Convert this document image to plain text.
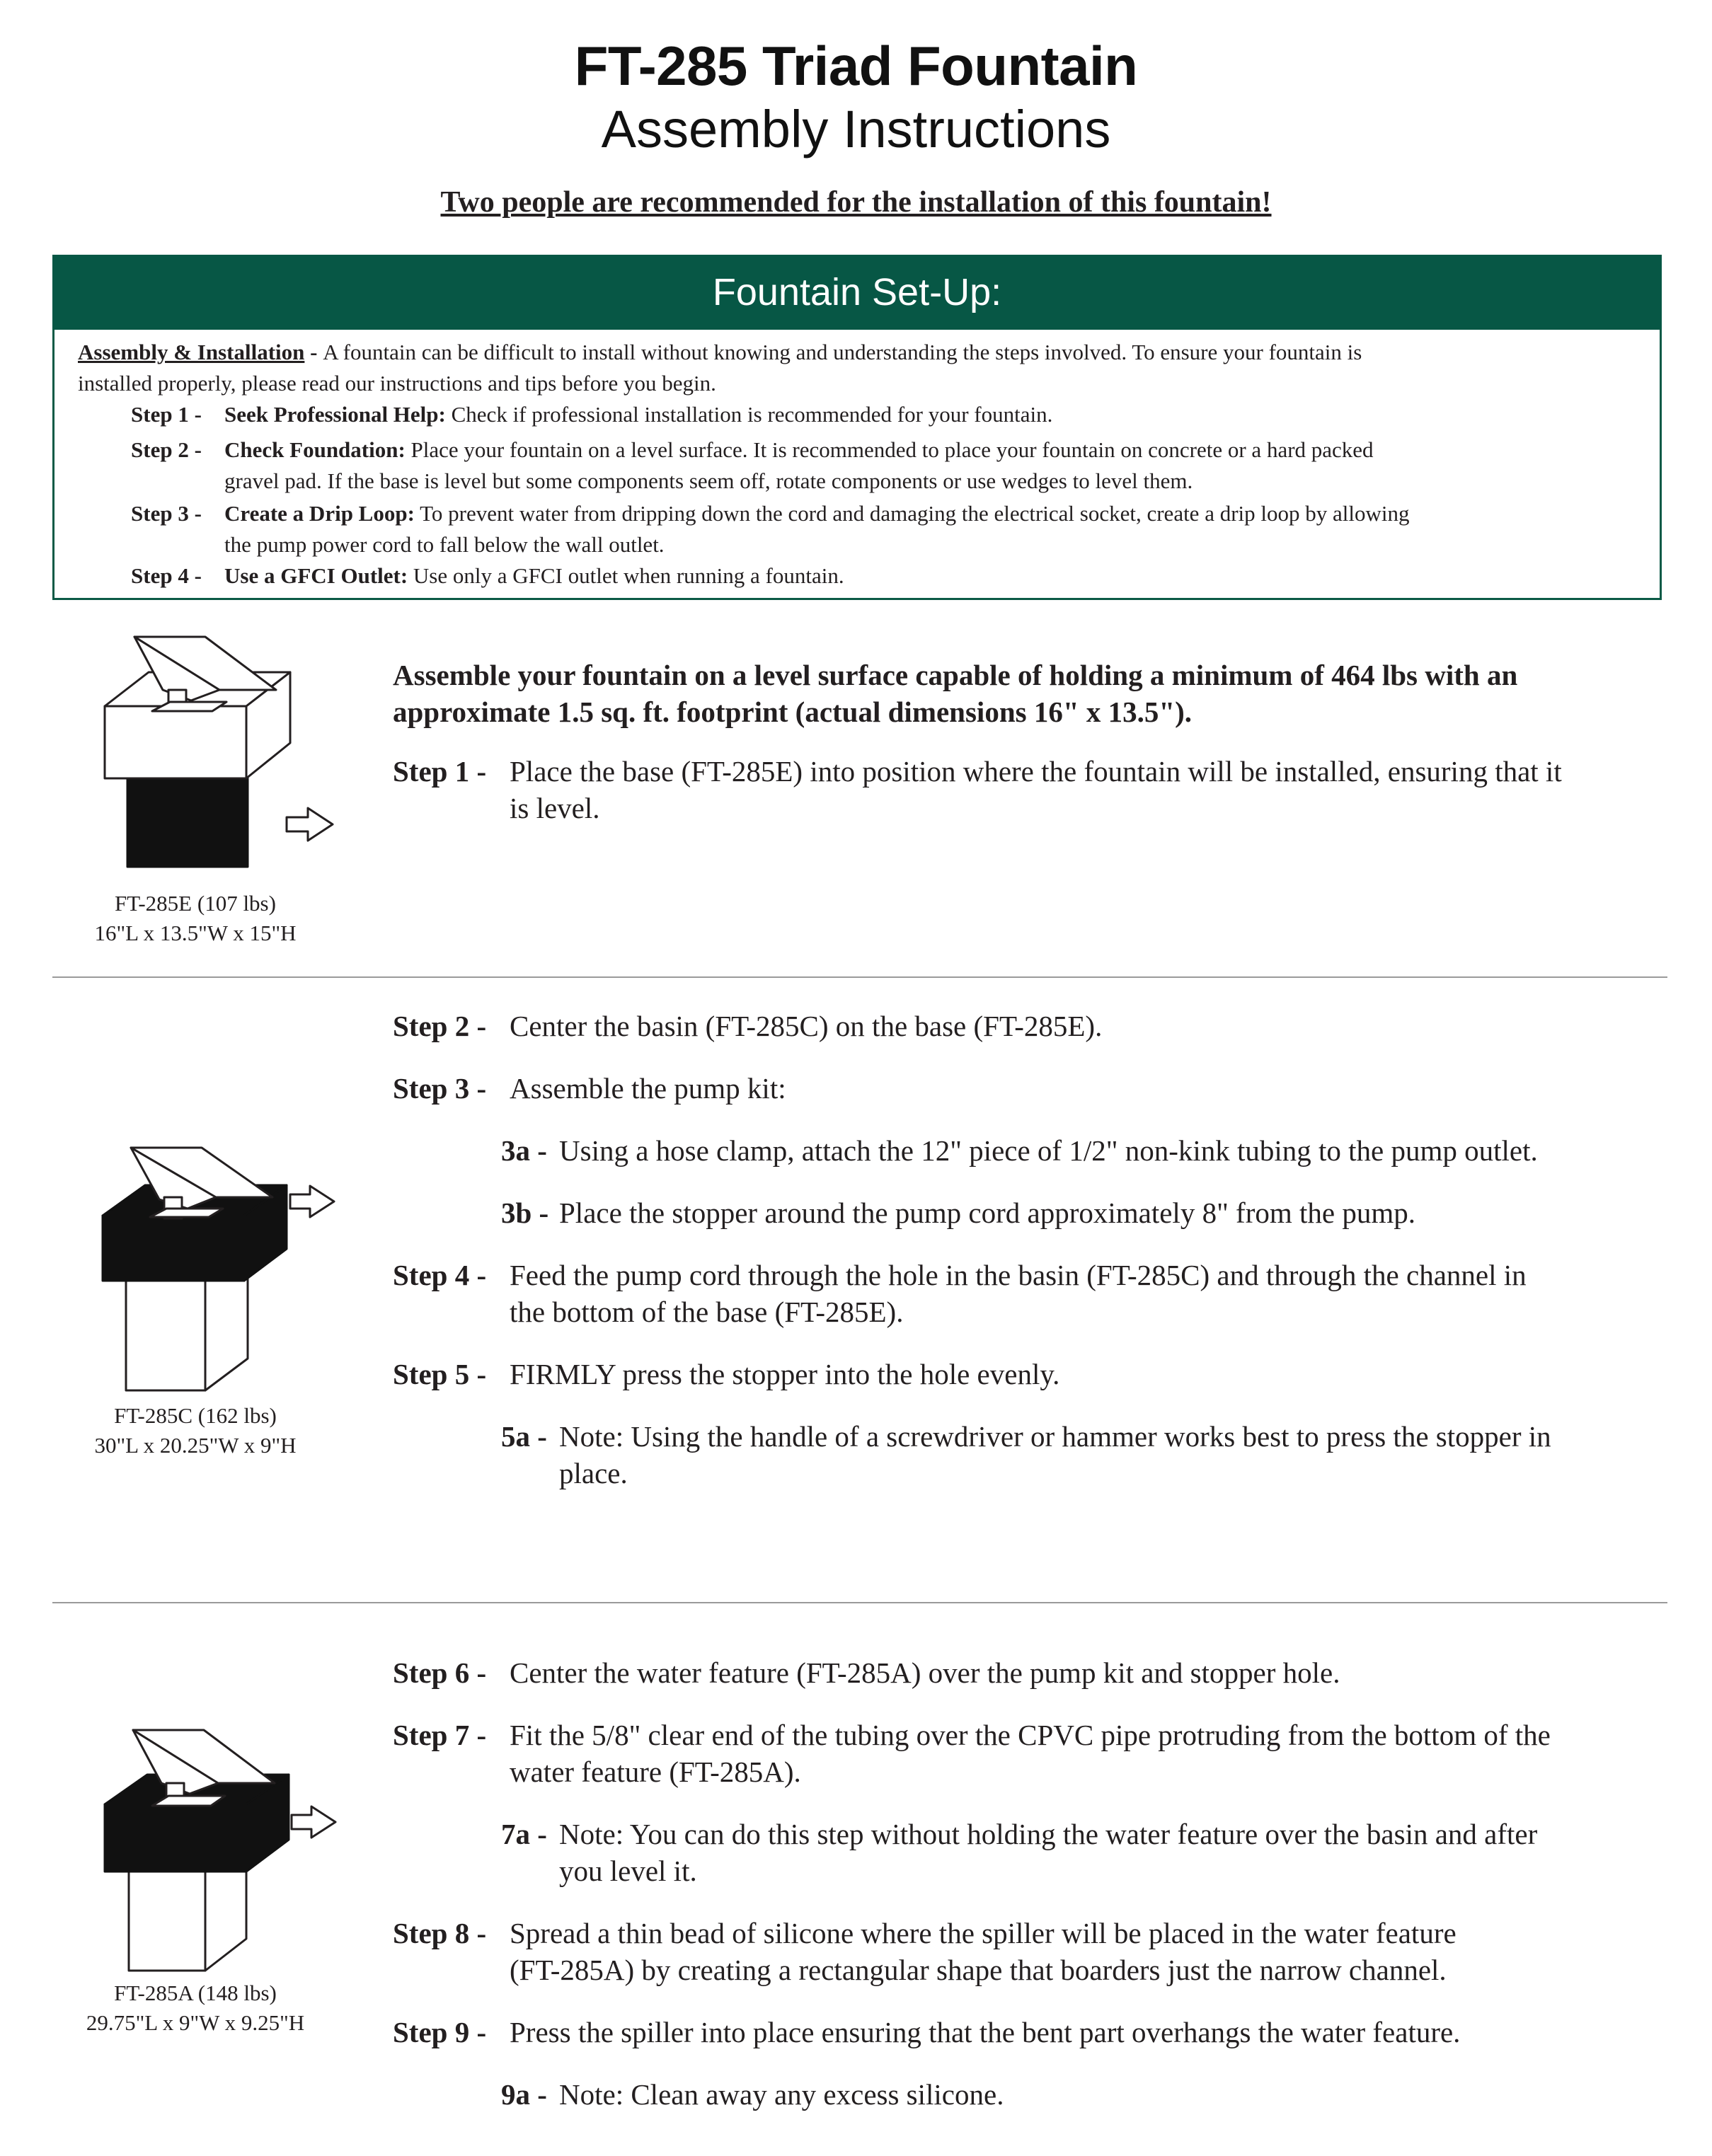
FT-285 Triad Fountain
Assembly Instructions
Two people are recommended for the installation of this fountain!
Fountain Set-Up:
Assembly & Installation - A fountain can be difficult to install without knowing and understanding the steps involved. To ensure your fountain is
installed properly, please read our instructions and tips before you begin.
Step 1 - Seek Professional Help: Check if professional installation is recommended for your fountain.
Step 2 - Check Foundation: Place your fountain on a level surface. It is recommended to place your fountain on concrete or a hard packed
gravel pad. If the base is level but some components seem off, rotate components or use wedges to level them.
Step 3 - Create a Drip Loop: To prevent water from dripping down the cord and damaging the electrical socket, create a drip loop by allowing
the pump power cord to fall below the wall outlet.
Step 4 - Use a GFCI Outlet: Use only a GFCI outlet when running a fountain.
FT-285E (107 lbs)
16"L x 13.5"W x 15"H
Assemble your fountain on a level surface capable of holding a minimum of 464 lbs with an
approximate 1.5 sq. ft. footprint (actual dimensions 16" x 13.5").
Step 1 - Place the base (FT-285E) into position where the fountain will be installed, ensuring that it
is level.
FT-285C (162 lbs)
30"L x 20.25"W x 9"H
Step 2 - Center the basin (FT-285C) on the base (FT-285E).
Step 3 - Assemble the pump kit:
3a - Using a hose clamp, attach the 12" piece of 1/2" non-kink tubing to the pump outlet.
3b - Place the stopper around the pump cord approximately 8" from the pump.
Step 4 - Feed the pump cord through the hole in the basin (FT-285C) and through the channel in
the bottom of the base (FT-285E).
Step 5 - FIRMLY press the stopper into the hole evenly.
5a - Note: Using the handle of a screwdriver or hammer works best to press the stopper in
place.
FT-285A (148 lbs)
29.75"L x 9"W x 9.25"H
Step 6 - Center the water feature (FT-285A) over the pump kit and stopper hole.
Step 7 - Fit the 5/8" clear end of the tubing over the CPVC pipe protruding from the bottom of the
water feature (FT-285A).
7a - Note: You can do this step without holding the water feature over the basin and after
you level it.
Step 8 - Spread a thin bead of silicone where the spiller will be placed in the water feature
(FT-285A) by creating a rectangular shape that boarders just the narrow channel.
Step 9 - Press the spiller into place ensuring that the bent part overhangs the water feature.
9a - Note: Clean away any excess silicone.
